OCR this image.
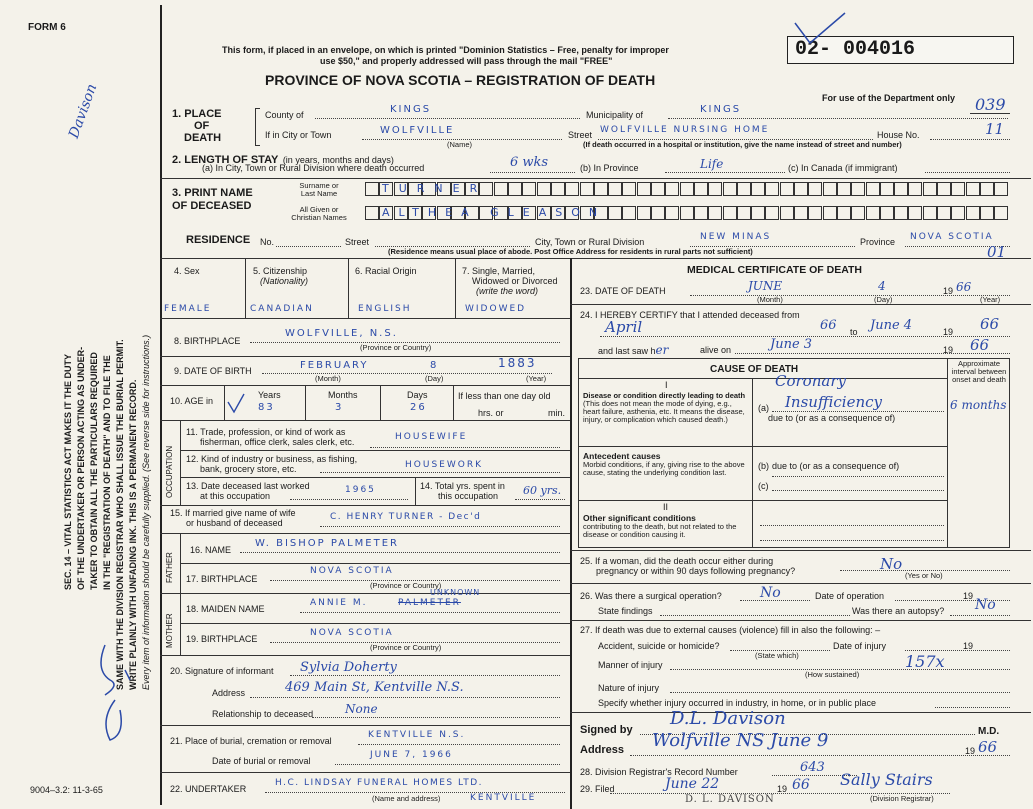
FORM 6
SEC. 14 – VITAL STATISTICS ACT MAKES IT THE DUTY OF THE UNDERTAKER OR PERSON ACTING AS UNDER- TAKER TO OBTAIN ALL THE PARTICULARS REQUIRED IN THE "REGISTRATION OF DEATH" AND TO FILE THE SAME WITH THE DIVISION REGISTRAR WHO SHALL ISSUE THE BURIAL PERMIT. WRITE PLAINLY WITH UNFADING INK. THIS IS A PERMANENT RECORD. Every item of information should be carefully supplied. (See reverse side for instructions.)
Davison
9004–3.2: 11-3-65
This form, if placed in an envelope, on which is printed "Dominion Statistics – Free, penalty for improper
use $50," and properly addressed will pass through the mail "FREE"
PROVINCE OF NOVA SCOTIA – REGISTRATION OF DEATH
02- 004016
For use of the Department only 039
1. PLACE
OF
DEATH
County of	KINGS	Municipality of	KINGS
If in City or Town	WOLFVILLE
(Name)
Street WOLFVILLE NURSING HOME	House No.	11
(If death occurred in a hospital or institution, give the name instead of street and number)
2. LENGTH OF STAY (in years, months and days)
(a) In City, Town or Rural Division where death occurred	6 wks	(b) In Province	Life	(c) In Canada (if immigrant)
3. PRINT NAME
OF DECEASED
Surname or
Last Name
All Given or
Christian Names
TURNER
ALTHEA GLEASON
RESIDENCE No.	Street	City, Town or Rural Division	NEW MINAS	Province NOVA SCOTIA
(Residence means usual place of abode. Post Office Address for residents in rural parts not sufficient)	01
4. Sex	5. Citizenship
(Nationality)
6. Racial Origin	7. Single, Married,
Widowed or Divorced
(write the word)
FEMALE	CANADIAN	ENGLISH	WIDOWED
8. BIRTHPLACE
WOLFVILLE, N.S.
(Province or Country)
9. DATE OF BIRTH	FEBRUARY	8	1883
(Month)	(Day)	(Year)
10. AGE in
Years	Months	Days	If less than one day old
83	3	26	hrs. or	min.
OCCUPATION
11. Trade, profession, or kind of work as
fisherman, office clerk, sales clerk, etc.	HOUSEWIFE
12. Kind of industry or business, as fishing,
bank, grocery store, etc.	HOUSEWORK
13. Date deceased last worked
at this occupation
1965	14. Total yrs. spent in
this occupation	60 yrs.
15. If married give name of wife
or husband of deceased
C. HENRY TURNER - Dec'd
FATHER
16. NAME
W. BISHOP PALMETER
17. BIRTHPLACE
NOVA SCOTIA
(Province or Country)
MOTHER
18. MAIDEN NAME
ANNIE M.	PALMETER
UNKNOWN
19. BIRTHPLACE
NOVA SCOTIA
(Province or Country)
20. Signature of informant Sylvia Doherty
Address	469 Main St, Kentville N.S.
Relationship to deceased	None
21. Place of burial, cremation or removal
KENTVILLE N.S.
Date of burial or removal
JUNE 7, 1966
22. UNDERTAKER
H.C. LINDSAY FUNERAL HOMES LTD.
KENTVILLE
(Name and address)
MEDICAL CERTIFICATE OF DEATH
23. DATE OF DEATH	JUNE	4	19 66
(Month)	(Day)	(Year)
24. I HEREBY CERTIFY that I attended deceased from
April	66 to June 4	19 66
and last saw her	alive on	June 3	19 66
CAUSE OF DEATH
Approximate interval between onset and death
I
Disease or condition directly leading to death (This does not mean the mode of dying, e.g., heart failure, asthenia, etc. It means the disease, injury, or complication which caused death.)
(a)
Coronary
Insufficiency	6 months
due to (or as a consequence of)
Antecedent causes
Morbid conditions, if any, giving rise to the above cause, stating the underlying condition last.
(b) due to (or as a consequence of)
(c)
II
Other significant conditions
contributing to the death, but not related to the disease or condition causing it.
25. If a woman, did the death occur either during
pregnancy or within 90 days following pregnancy?	No
(Yes or No)
26. Was there a surgical operation?	No	Date of operation	19
State findings	Was there an autopsy? No
27. If death was due to external causes (violence) fill in also the following: –
Accident, suicide or homicide?
(State which)
Date of injury	19
Manner of injury	157x
(How sustained)
Nature of injury
Specify whether injury occurred in industry, in home, or in public place
Signed by
D.L. Davison
M.D.
Address Wolfville NS June 9	19 66
28. Division Registrar's Record Number	643
29. Filed	June 22	19 66 Sally Stairs
(Division Registrar)
D. L. DAVISON
